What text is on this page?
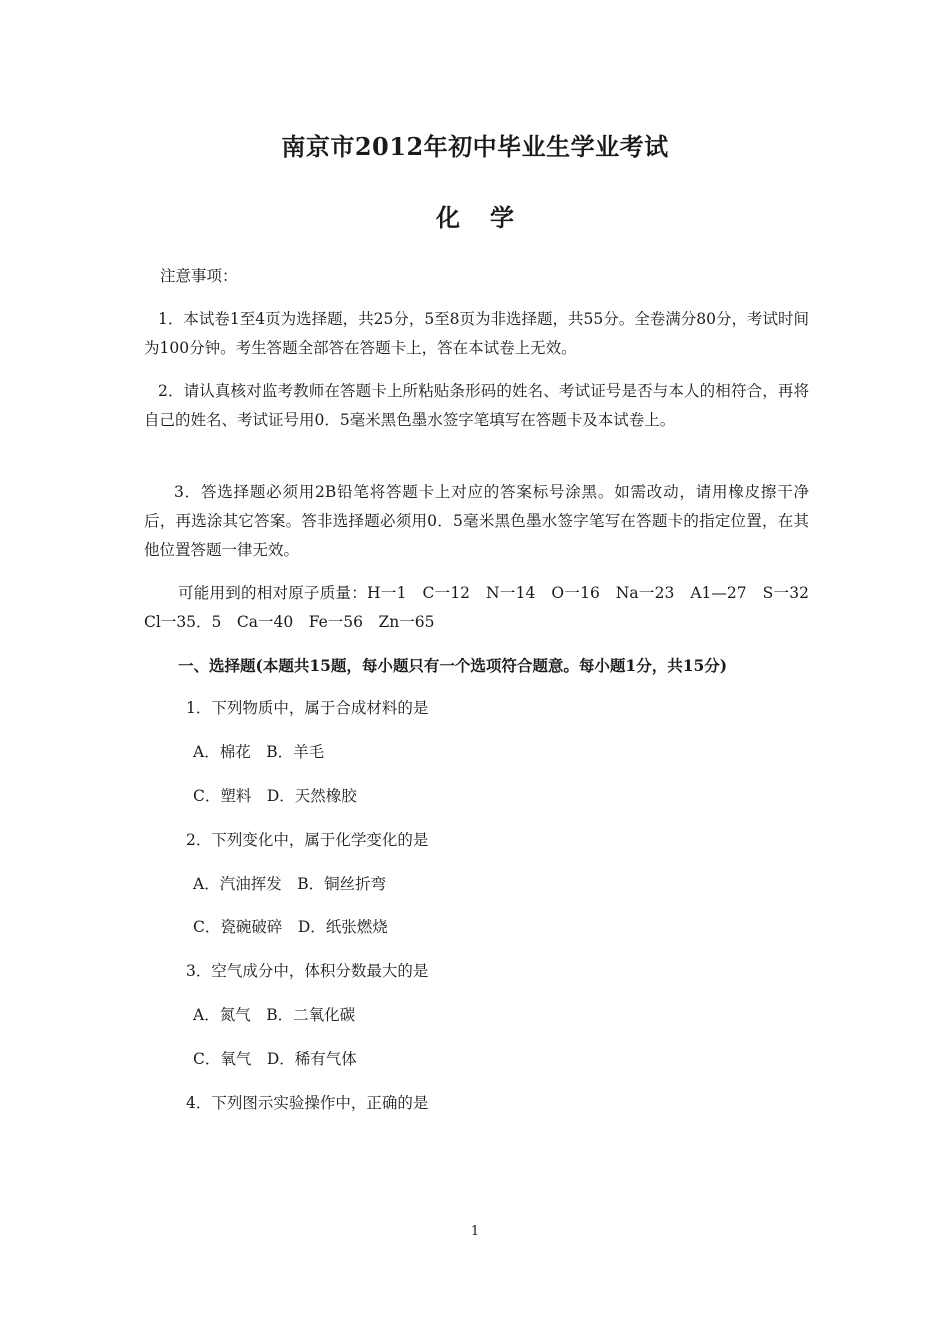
南京市2012年初中毕业生学业考试
化学

注意事项：

1．本试卷1至4页为选择题，共25分，5至8页为非选择题，共55分。全卷满分80分，考试时间为100分钟。考生答题全部答在答题卡上，答在本试卷上无效。

2．请认真核对监考教师在答题卡上所粘贴条形码的姓名、考试证号是否与本人的相符合，再将自己的姓名、考试证号用0．5毫米黑色墨水签字笔填写在答题卡及本试卷上。

3．答选择题必须用2B铅笔将答题卡上对应的答案标号涂黑。如需改动，请用橡皮擦干净后，再选涂其它答案。答非选择题必须用0．5毫米黑色墨水签字笔写在答题卡的指定位置，在其他位置答题一律无效。

可能用到的相对原子质量：H一1　C一12　N一14　O一16　Na一23　A1—27　S一32　Cl一35．5　Ca一40　Fe一56　Zn一65

一、选择题(本题共15题，每小题只有一个选项符合题意。每小题1分，共15分)
1．下列物质中，属于合成材料的是
A．棉花　B．羊毛
C．塑料　D．天然橡胶
2．下列变化中，属于化学变化的是
A．汽油挥发　B．铜丝折弯
C．瓷碗破碎　D．纸张燃烧
3．空气成分中，体积分数最大的是
A．氮气　B．二氧化碳
C．氧气　D．稀有气体
4．下列图示实验操作中，正确的是
1
